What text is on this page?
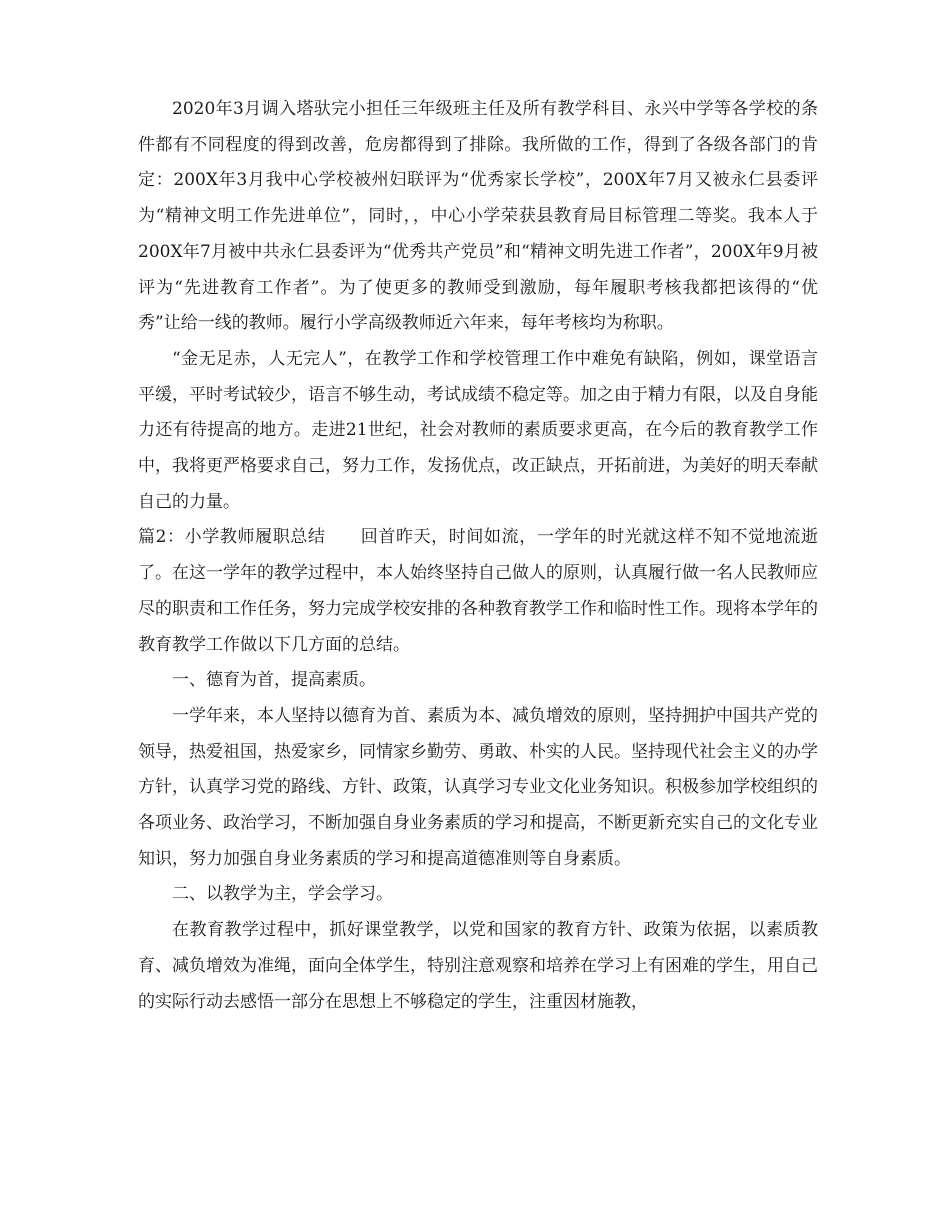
2020年3月调入塔驮完小担任三年级班主任及所有教学科目、永兴中学等各学校的条件都有不同程度的得到改善，危房都得到了排除。我所做的工作，得到了各级各部门的肯定：200X年3月我中心学校被州妇联评为“优秀家长学校”，200X年7月又被永仁县委评为“精神文明工作先进单位”，同时，，中心小学荣获县教育局目标管理二等奖。我本人于200X年7月被中共永仁县委评为“优秀共产党员”和“精神文明先进工作者”，200X年9月被评为“先进教育工作者”。为了使更多的教师受到激励，每年履职考核我都把该得的“优秀”让给一线的教师。履行小学高级教师近六年来，每年考核均为称职。

“金无足赤，人无完人”，在教学工作和学校管理工作中难免有缺陷，例如，课堂语言平缓，平时考试较少，语言不够生动，考试成绩不稳定等。加之由于精力有限，以及自身能力还有待提高的地方。走进21世纪，社会对教师的素质要求更高，在今后的教育教学工作中，我将更严格要求自己，努力工作，发扬优点，改正缺点，开拓前进，为美好的明天奉献自己的力量。

篇2：小学教师履职总结　　回首昨天，时间如流，一学年的时光就这样不知不觉地流逝了。在这一学年的教学过程中，本人始终坚持自己做人的原则，认真履行做一名人民教师应尽的职责和工作任务，努力完成学校安排的各种教育教学工作和临时性工作。现将本学年的教育教学工作做以下几方面的总结。

一、德育为首，提高素质。

一学年来，本人坚持以德育为首、素质为本、减负增效的原则，坚持拥护中国共产党的领导，热爱祖国，热爱家乡，同情家乡勤劳、勇敢、朴实的人民。坚持现代社会主义的办学方针，认真学习党的路线、方针、政策，认真学习专业文化业务知识。积极参加学校组织的各项业务、政治学习，不断加强自身业务素质的学习和提高，不断更新充实自己的文化专业知识，努力加强自身业务素质的学习和提高道德准则等自身素质。

二、以教学为主，学会学习。

在教育教学过程中，抓好课堂教学，以党和国家的教育方针、政策为依据，以素质教育、减负增效为准绳，面向全体学生，特别注意观察和培养在学习上有困难的学生，用自己的实际行动去感悟一部分在思想上不够稳定的学生，注重因材施教，
